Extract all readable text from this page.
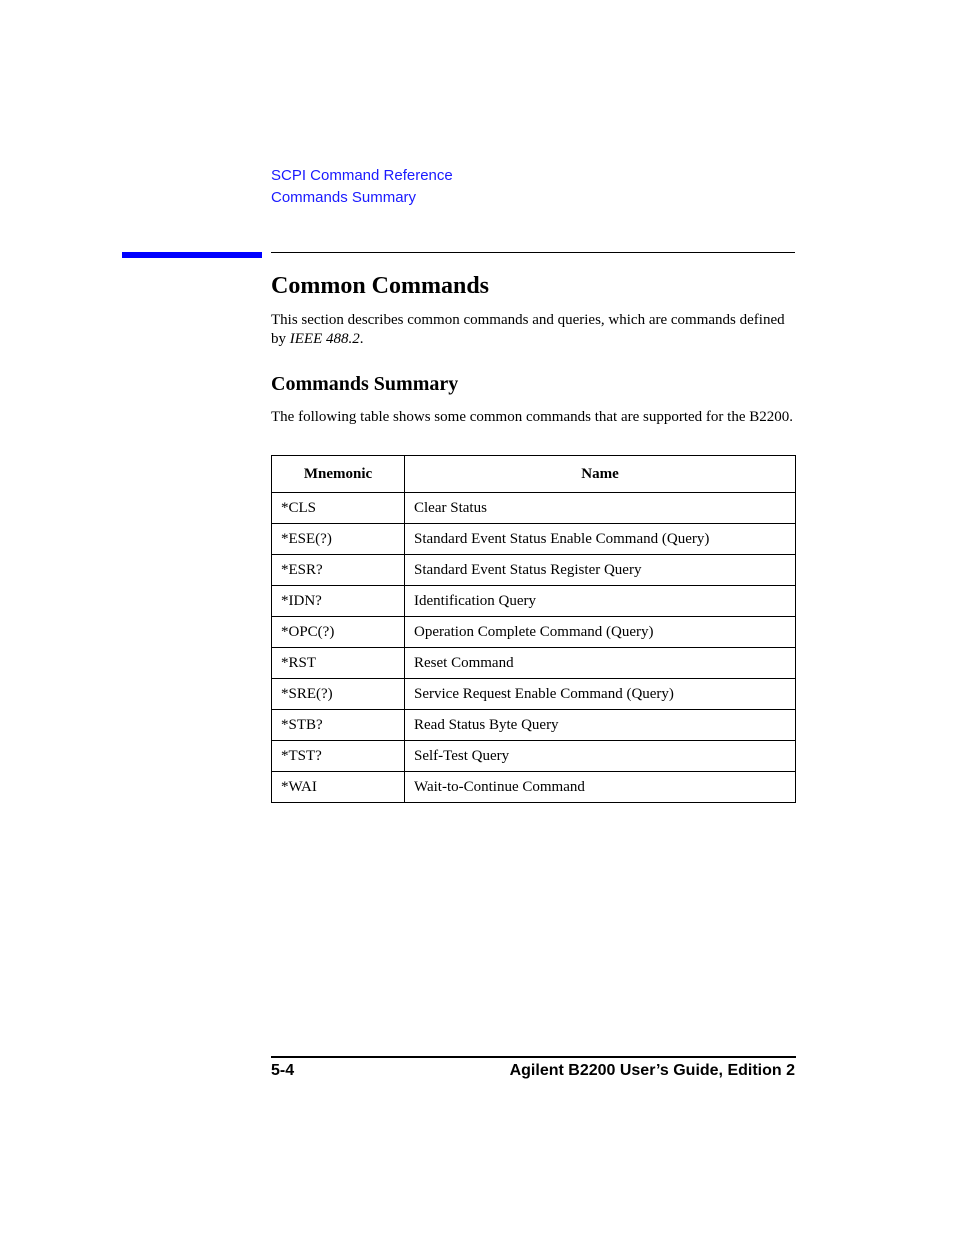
SCPI Command Reference
Commands Summary
Common Commands

This section describes common commands and queries, which are commands defined by IEEE 488.2.

Commands Summary

The following table shows some common commands that are supported for the B2200.

Mnemonic	Name
*CLS	Clear Status
*ESE(?)	Standard Event Status Enable Command (Query)
*ESR?	Standard Event Status Register Query
*IDN?	Identification Query
*OPC(?)	Operation Complete Command (Query)
*RST	Reset Command
*SRE(?)	Service Request Enable Command (Query)
*STB?	Read Status Byte Query
*TST?	Self-Test Query
*WAI	Wait-to-Continue Command
5-4	Agilent B2200 User’s Guide, Edition 2
